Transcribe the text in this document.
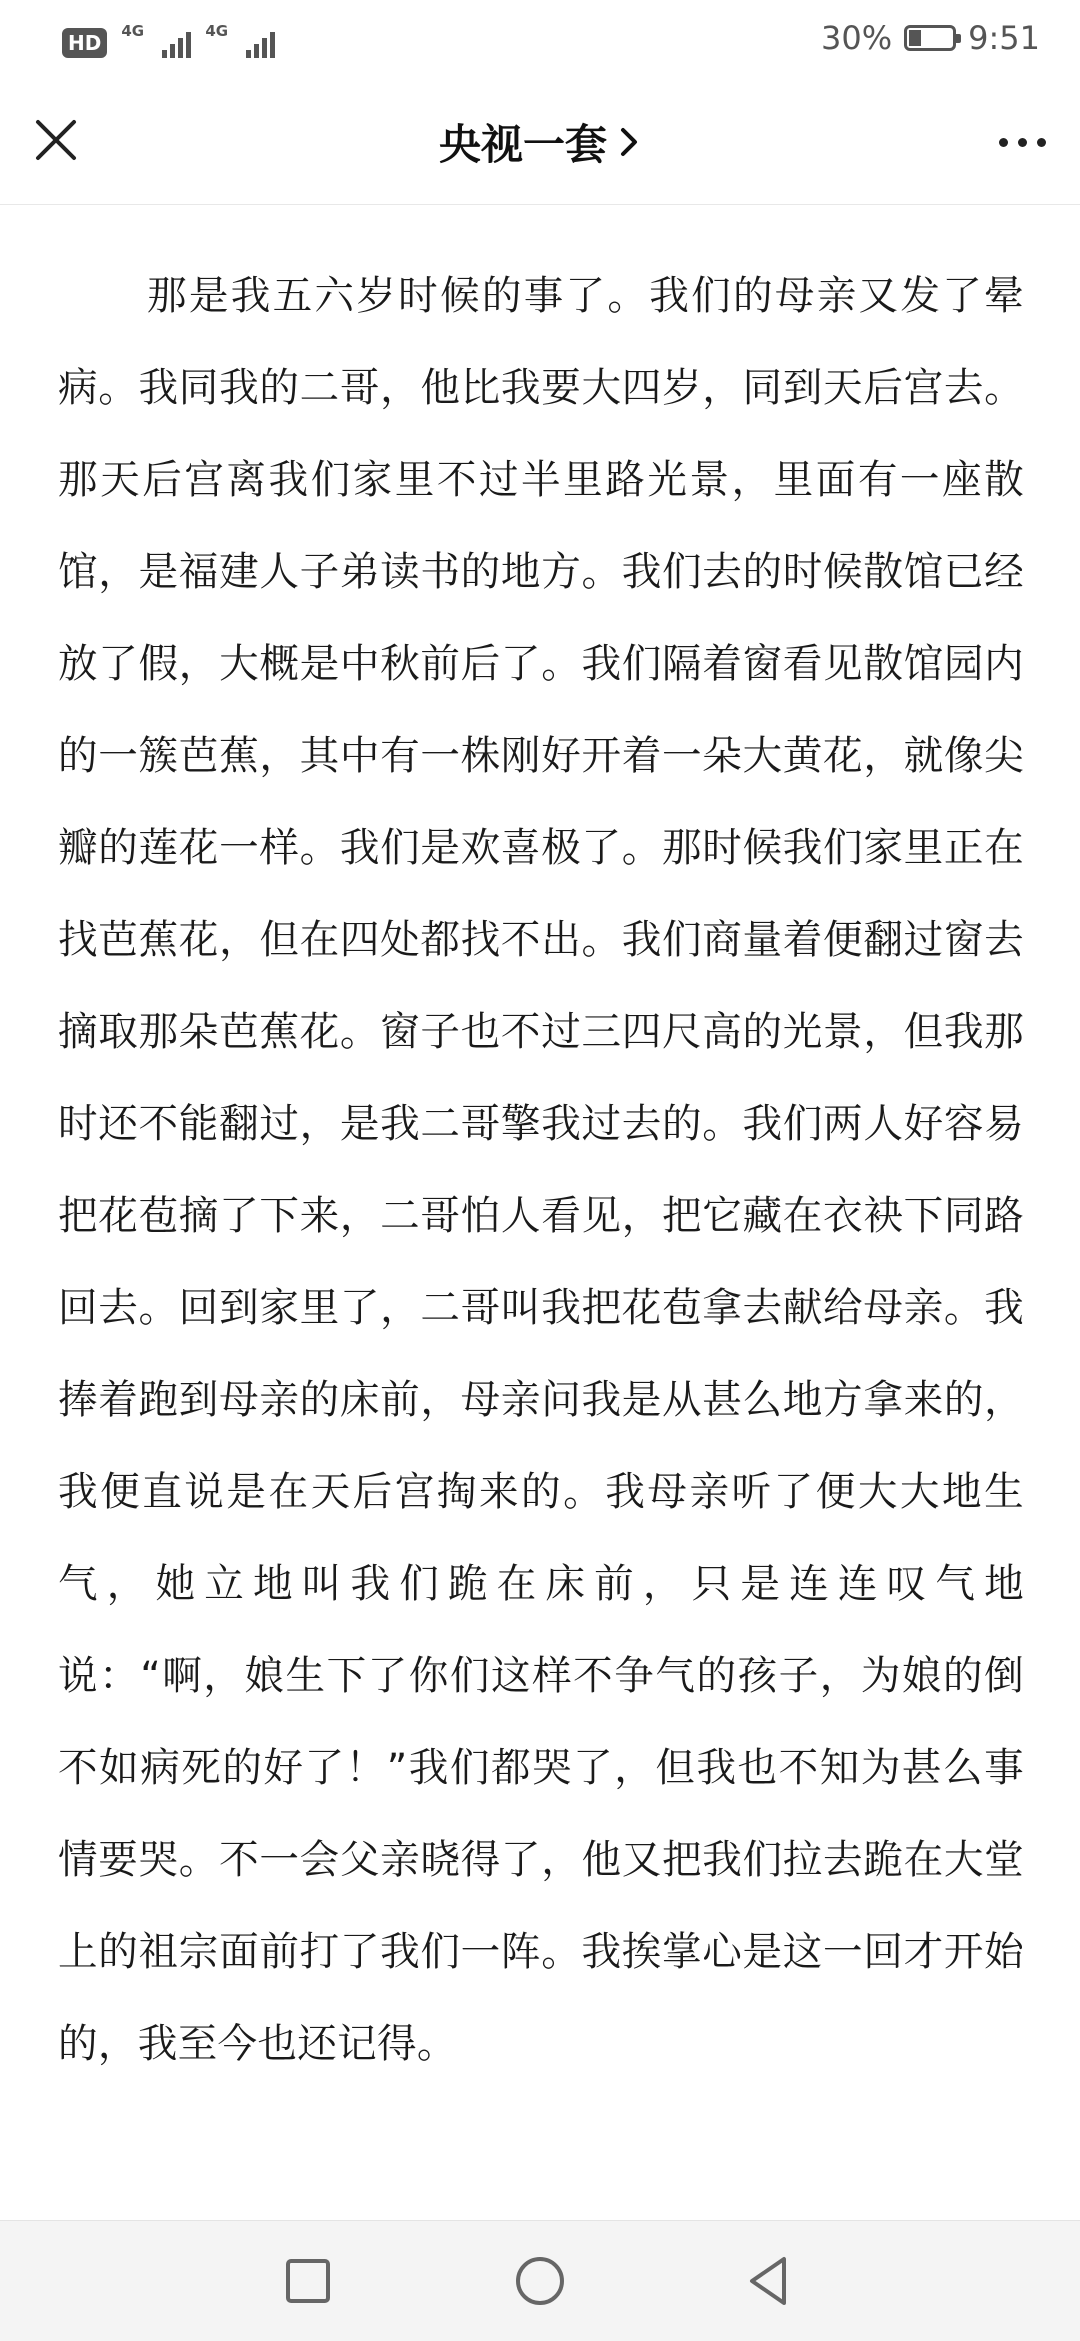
HD	4G	4G	30% 9:51
央视一套

那是我五六岁时候的事了。我们的母亲又发了晕病。我同我的二哥，他比我要大四岁，同到天后宫去。那天后宫离我们家里不过半里路光景，里面有一座散馆，是福建人子弟读书的地方。我们去的时候散馆已经放了假，大概是中秋前后了。我们隔着窗看见散馆园内的一簇芭蕉，其中有一株刚好开着一朵大黄花，就像尖瓣的莲花一样。我们是欢喜极了。那时候我们家里正在找芭蕉花，但在四处都找不出。我们商量着便翻过窗去摘取那朵芭蕉花。窗子也不过三四尺高的光景，但我那时还不能翻过，是我二哥擎我过去的。我们两人好容易把花苞摘了下来，二哥怕人看见，把它藏在衣袂下同路回去。回到家里了，二哥叫我把花苞拿去献给母亲。我捧着跑到母亲的床前，母亲问我是从甚么地方拿来的，我便直说是在天后宫掏来的。我母亲听了便大大地生气，她立地叫我们跪在床前，只是连连叹气地说：“啊，娘生下了你们这样不争气的孩子，为娘的倒不如病死的好了！”我们都哭了，但我也不知为甚么事情要哭。不一会父亲晓得了，他又把我们拉去跪在大堂上的祖宗面前打了我们一阵。我挨掌心是这一回才开始的，我至今也还记得。
